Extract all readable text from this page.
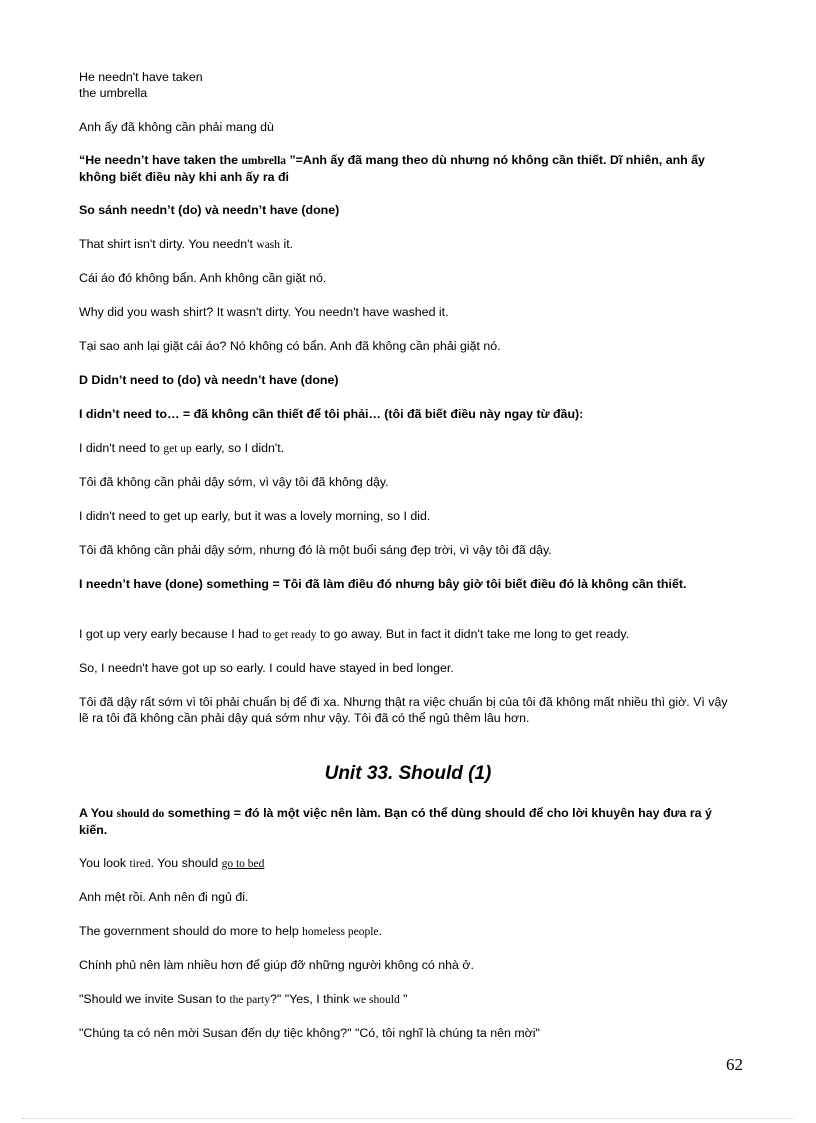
He needn't have taken
the umbrella
Anh ấy đã không cần phải mang dù
“He needn’t have taken the umbrella ”=Anh ấy đã mang theo dù nhưng nó không cần thiết. Dĩ nhiên, anh ấy không biết điều này khi anh ấy ra đi
So sánh needn’t (do) và needn’t have (done)
That shirt isn't dirty. You needn't wash it.
Cái áo đó không bẩn. Anh không cần giặt nó.
Why did you wash shirt? It wasn't dirty. You needn't have washed it.
Tại sao anh lại giặt cái áo? Nó không có bẩn. Anh đã không cần phải giặt nó.
D Didn’t need to (do) và needn’t have (done)
I didn’t need to… = đã không cần thiết để tôi phải… (tôi đã biết điều này ngay từ đầu):
I didn't need to get up early, so I didn't.
Tôi đã không cần phải dậy sớm, vì vậy tôi đã không dậy.
I didn't need to get up early, but it was a lovely morning, so I did.
Tôi đã không cần phải dậy sớm, nhưng đó là một buổi sáng đẹp trời, vì vậy tôi đã dậy.
I needn’t have (done) something = Tôi đã làm điều đó nhưng bây giờ tôi biết điều đó là không cần thiết.
I got up very early because I had to get ready to go away. But in fact it didn't take me long to get ready.
So, I needn't have got up so early. I could have stayed in bed longer.
Tôi đã dậy rất sớm vì tôi phải chuẩn bị để đi xa. Nhưng thật ra việc chuẩn bị của tôi đã không mất nhiều thì giờ. Vì vậy lẽ ra tôi đã không cần phải dậy quá sớm như vậy. Tôi đã có thể ngủ thêm lâu hơn.
Unit 33. Should (1)
A You should do something = đó là một việc nên làm. Bạn có thể dùng should để cho lời khuyên hay đưa ra ý kiến.
You look tired. You should go to bed
Anh mệt rồi. Anh nên đi ngủ đi.
The government should do more to help homeless people.
Chính phủ nên làm nhiều hơn để giúp đỡ những người không có nhà ở.
"Should we invite Susan to the party?" "Yes, I think we should "
"Chúng ta có nên mời Susan đến dự tiệc không?" "Có, tôi nghĩ là chúng ta nên mời"
62
